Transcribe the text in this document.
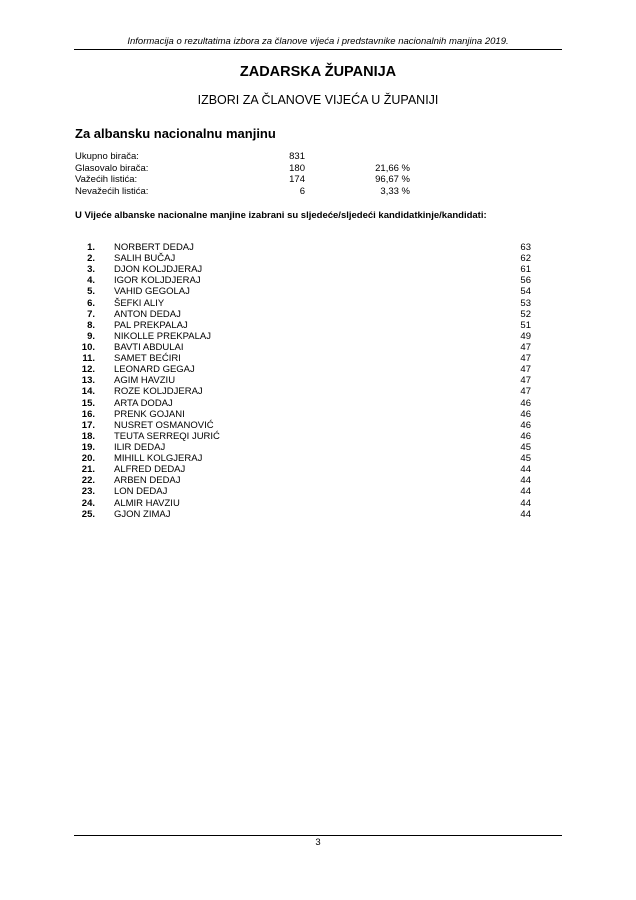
Informacija o rezultatima izbora za članove vijeća i predstavnike nacionalnih manjina 2019.
ZADARSKA ŽUPANIJA
IZBORI ZA ČLANOVE VIJEĆA U ŽUPANIJI
Za albansku nacionalnu manjinu
Ukupno birača:	831
Glasovalo birača:	180	21,66 %
Važećih listića:	174	96,67 %
Nevažećih listića:	6	3,33 %
U Vijeće albanske nacionalne manjine izabrani su sljedeće/sljedeći kandidatkinje/kandidati:
1. NORBERT DEDAJ	63
2. SALIH BUČAJ	62
3. DJON KOLJDJERAJ	61
4. IGOR KOLJDJERAJ	56
5. VAHID GEGOLAJ	54
6. ŠEFKI ALIY	53
7. ANTON DEDAJ	52
8. PAL PREKPALAJ	51
9. NIKOLLE PREKPALAJ	49
10. BAVTI ABDULAI	47
11. SAMET BEĆIRI	47
12. LEONARD GEGAJ	47
13. AGIM HAVZIU	47
14. ROZE KOLJDJERAJ	47
15. ARTA DODAJ	46
16. PRENK GOJANI	46
17. NUSRET OSMANOVIĆ	46
18. TEUTA SERREQI JURIĆ	46
19. ILIR DEDAJ	45
20. MIHILL KOLGJERAJ	45
21. ALFRED DEDAJ	44
22. ARBEN DEDAJ	44
23. LON DEDAJ	44
24. ALMIR HAVZIU	44
25. GJON ZIMAJ	44
3
